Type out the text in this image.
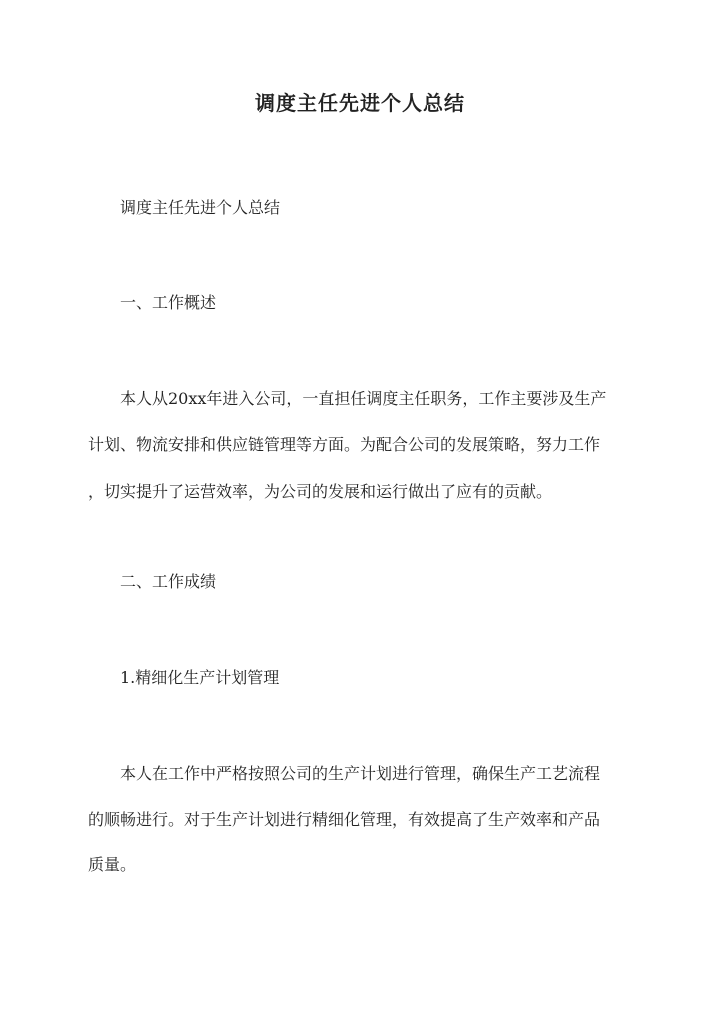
调度主任先进个人总结
调度主任先进个人总结
一、工作概述
本人从20xx年进入公司，一直担任调度主任职务，工作主要涉及生产
计划、物流安排和供应链管理等方面。为配合公司的发展策略，努力工作
，切实提升了运营效率，为公司的发展和运行做出了应有的贡献。
二、工作成绩
1.精细化生产计划管理
本人在工作中严格按照公司的生产计划进行管理，确保生产工艺流程
的顺畅进行。对于生产计划进行精细化管理，有效提高了生产效率和产品
质量。
